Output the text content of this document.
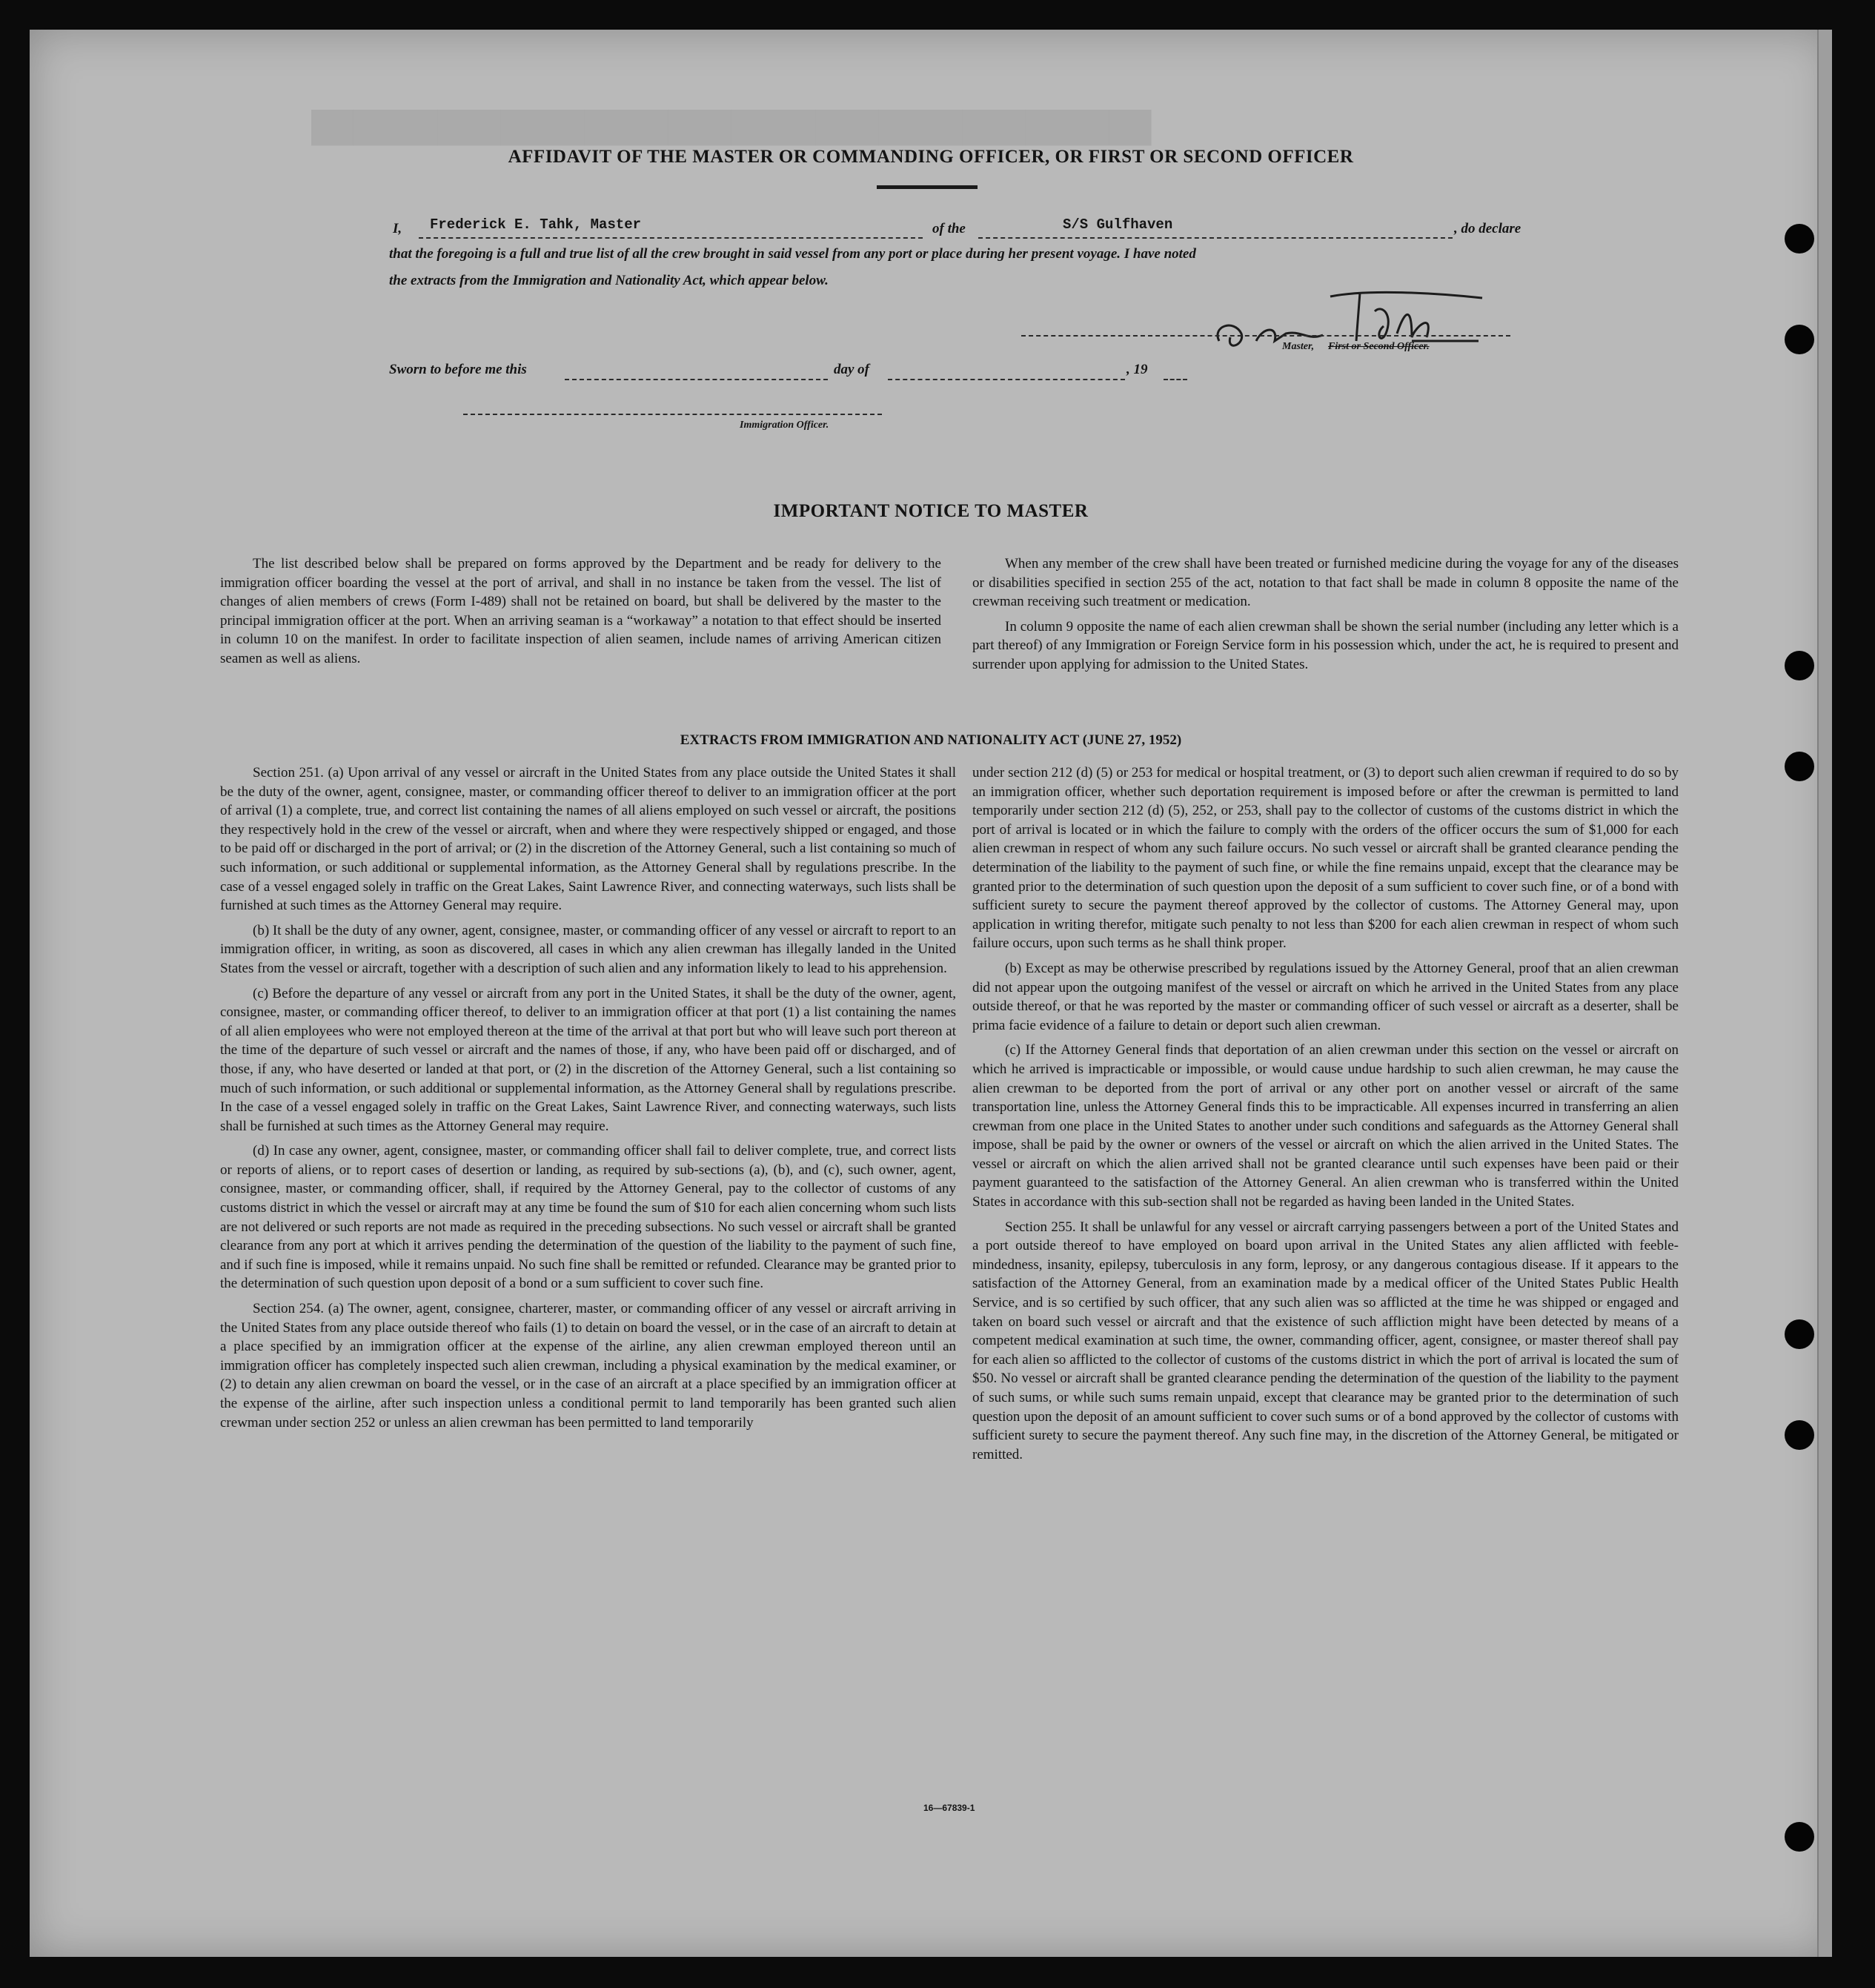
████████████████████████████████████████
AFFIDAVIT OF THE MASTER OR COMMANDING OFFICER, OR FIRST OR SECOND OFFICER
I, Frederick E. Tahk, Master	of the	S/S Gulfhaven	, do declare
that the foregoing is a full and true list of all the crew brought in said vessel from any port or place during her present voyage. I have noted
the extracts from the Immigration and Nationality Act, which appear below.
Master, First or Second Officer.
Sworn to before me this	day of	, 19
Immigration Officer.
IMPORTANT NOTICE TO MASTER

The list described below shall be prepared on forms approved by the Department and be ready for delivery to the immigration officer boarding the vessel at the port of arrival, and shall in no instance be taken from the vessel. The list of changes of alien members of crews (Form I-489) shall not be retained on board, but shall be delivered by the master to the principal immigration officer at the port. When an arriving seaman is a “workaway” a notation to that effect should be inserted in column 10 on the manifest. In order to facilitate inspection of alien seamen, include names of arriving American citizen seamen as well as aliens.

When any member of the crew shall have been treated or furnished medicine during the voyage for any of the diseases or disabilities specified in section 255 of the act, notation to that fact shall be made in column 8 opposite the name of the crewman receiving such treatment or medication.

In column 9 opposite the name of each alien crewman shall be shown the serial number (including any letter which is a part thereof) of any Immigration or Foreign Service form in his possession which, under the act, he is required to present and surrender upon applying for admission to the United States.

EXTRACTS FROM IMMIGRATION AND NATIONALITY ACT (JUNE 27, 1952)

Section 251. (a) Upon arrival of any vessel or aircraft in the United States from any place outside the United States it shall be the duty of the owner, agent, consignee, master, or commanding officer thereof to deliver to an immigration officer at the port of arrival (1) a complete, true, and correct list containing the names of all aliens employed on such vessel or aircraft, the positions they respectively hold in the crew of the vessel or aircraft, when and where they were respectively shipped or engaged, and those to be paid off or discharged in the port of arrival; or (2) in the discretion of the Attorney General, such a list containing so much of such information, or such additional or supplemental information, as the Attorney General shall by regulations prescribe. In the case of a vessel engaged solely in traffic on the Great Lakes, Saint Lawrence River, and connecting waterways, such lists shall be furnished at such times as the Attorney General may require.

(b) It shall be the duty of any owner, agent, consignee, master, or commanding officer of any vessel or aircraft to report to an immigration officer, in writing, as soon as discovered, all cases in which any alien crewman has illegally landed in the United States from the vessel or aircraft, together with a description of such alien and any information likely to lead to his apprehension.

(c) Before the departure of any vessel or aircraft from any port in the United States, it shall be the duty of the owner, agent, consignee, master, or commanding officer thereof, to deliver to an immigration officer at that port (1) a list containing the names of all alien employees who were not employed thereon at the time of the arrival at that port but who will leave such port thereon at the time of the departure of such vessel or aircraft and the names of those, if any, who have been paid off or discharged, and of those, if any, who have deserted or landed at that port, or (2) in the discretion of the Attorney General, such a list containing so much of such information, or such additional or supplemental information, as the Attorney General shall by regulations prescribe. In the case of a vessel engaged solely in traffic on the Great Lakes, Saint Lawrence River, and connecting waterways, such lists shall be furnished at such times as the Attorney General may require.

(d) In case any owner, agent, consignee, master, or commanding officer shall fail to deliver complete, true, and correct lists or reports of aliens, or to report cases of desertion or landing, as required by sub-sections (a), (b), and (c), such owner, agent, consignee, master, or commanding officer, shall, if required by the Attorney General, pay to the collector of customs of any customs district in which the vessel or aircraft may at any time be found the sum of $10 for each alien concerning whom such lists are not delivered or such reports are not made as required in the preceding subsections. No such vessel or aircraft shall be granted clearance from any port at which it arrives pending the determination of the question of the liability to the payment of such fine, and if such fine is imposed, while it remains unpaid. No such fine shall be remitted or refunded. Clearance may be granted prior to the determination of such question upon deposit of a bond or a sum sufficient to cover such fine.

Section 254. (a) The owner, agent, consignee, charterer, master, or commanding officer of any vessel or aircraft arriving in the United States from any place outside thereof who fails (1) to detain on board the vessel, or in the case of an aircraft to detain at a place specified by an immigration officer at the expense of the airline, any alien crewman employed thereon until an immigration officer has completely inspected such alien crewman, including a physical examination by the medical examiner, or (2) to detain any alien crewman on board the vessel, or in the case of an aircraft at a place specified by an immigration officer at the expense of the airline, after such inspection unless a conditional permit to land temporarily has been granted such alien crewman under section 252 or unless an alien crewman has been permitted to land temporarily

under section 212 (d) (5) or 253 for medical or hospital treatment, or (3) to deport such alien crewman if required to do so by an immigration officer, whether such deportation requirement is imposed before or after the crewman is permitted to land temporarily under section 212 (d) (5), 252, or 253, shall pay to the collector of customs of the customs district in which the port of arrival is located or in which the failure to comply with the orders of the officer occurs the sum of $1,000 for each alien crewman in respect of whom any such failure occurs. No such vessel or aircraft shall be granted clearance pending the determination of the liability to the payment of such fine, or while the fine remains unpaid, except that the clearance may be granted prior to the determination of such question upon the deposit of a sum sufficient to cover such fine, or of a bond with sufficient surety to secure the payment thereof approved by the collector of customs. The Attorney General may, upon application in writing therefor, mitigate such penalty to not less than $200 for each alien crewman in respect of whom such failure occurs, upon such terms as he shall think proper.

(b) Except as may be otherwise prescribed by regulations issued by the Attorney General, proof that an alien crewman did not appear upon the outgoing manifest of the vessel or aircraft on which he arrived in the United States from any place outside thereof, or that he was reported by the master or commanding officer of such vessel or aircraft as a deserter, shall be prima facie evidence of a failure to detain or deport such alien crewman.

(c) If the Attorney General finds that deportation of an alien crewman under this section on the vessel or aircraft on which he arrived is impracticable or impossible, or would cause undue hardship to such alien crewman, he may cause the alien crewman to be deported from the port of arrival or any other port on another vessel or aircraft of the same transportation line, unless the Attorney General finds this to be impracticable. All expenses incurred in transferring an alien crewman from one place in the United States to another under such conditions and safeguards as the Attorney General shall impose, shall be paid by the owner or owners of the vessel or aircraft on which the alien arrived in the United States. The vessel or aircraft on which the alien arrived shall not be granted clearance until such expenses have been paid or their payment guaranteed to the satisfaction of the Attorney General. An alien crewman who is transferred within the United States in accordance with this sub-section shall not be regarded as having been landed in the United States.

Section 255. It shall be unlawful for any vessel or aircraft carrying passengers between a port of the United States and a port outside thereof to have employed on board upon arrival in the United States any alien afflicted with feeble-mindedness, insanity, epilepsy, tuberculosis in any form, leprosy, or any dangerous contagious disease. If it appears to the satisfaction of the Attorney General, from an examination made by a medical officer of the United States Public Health Service, and is so certified by such officer, that any such alien was so afflicted at the time he was shipped or engaged and taken on board such vessel or aircraft and that the existence of such affliction might have been detected by means of a competent medical examination at such time, the owner, commanding officer, agent, consignee, or master thereof shall pay for each alien so afflicted to the collector of customs of the customs district in which the port of arrival is located the sum of $50. No vessel or aircraft shall be granted clearance pending the determination of the question of the liability to the payment of such sums, or while such sums remain unpaid, except that clearance may be granted prior to the determination of such question upon the deposit of an amount sufficient to cover such sums or of a bond approved by the collector of customs with sufficient surety to secure the payment thereof. Any such fine may, in the discretion of the Attorney General, be mitigated or remitted.

16—67839-1
